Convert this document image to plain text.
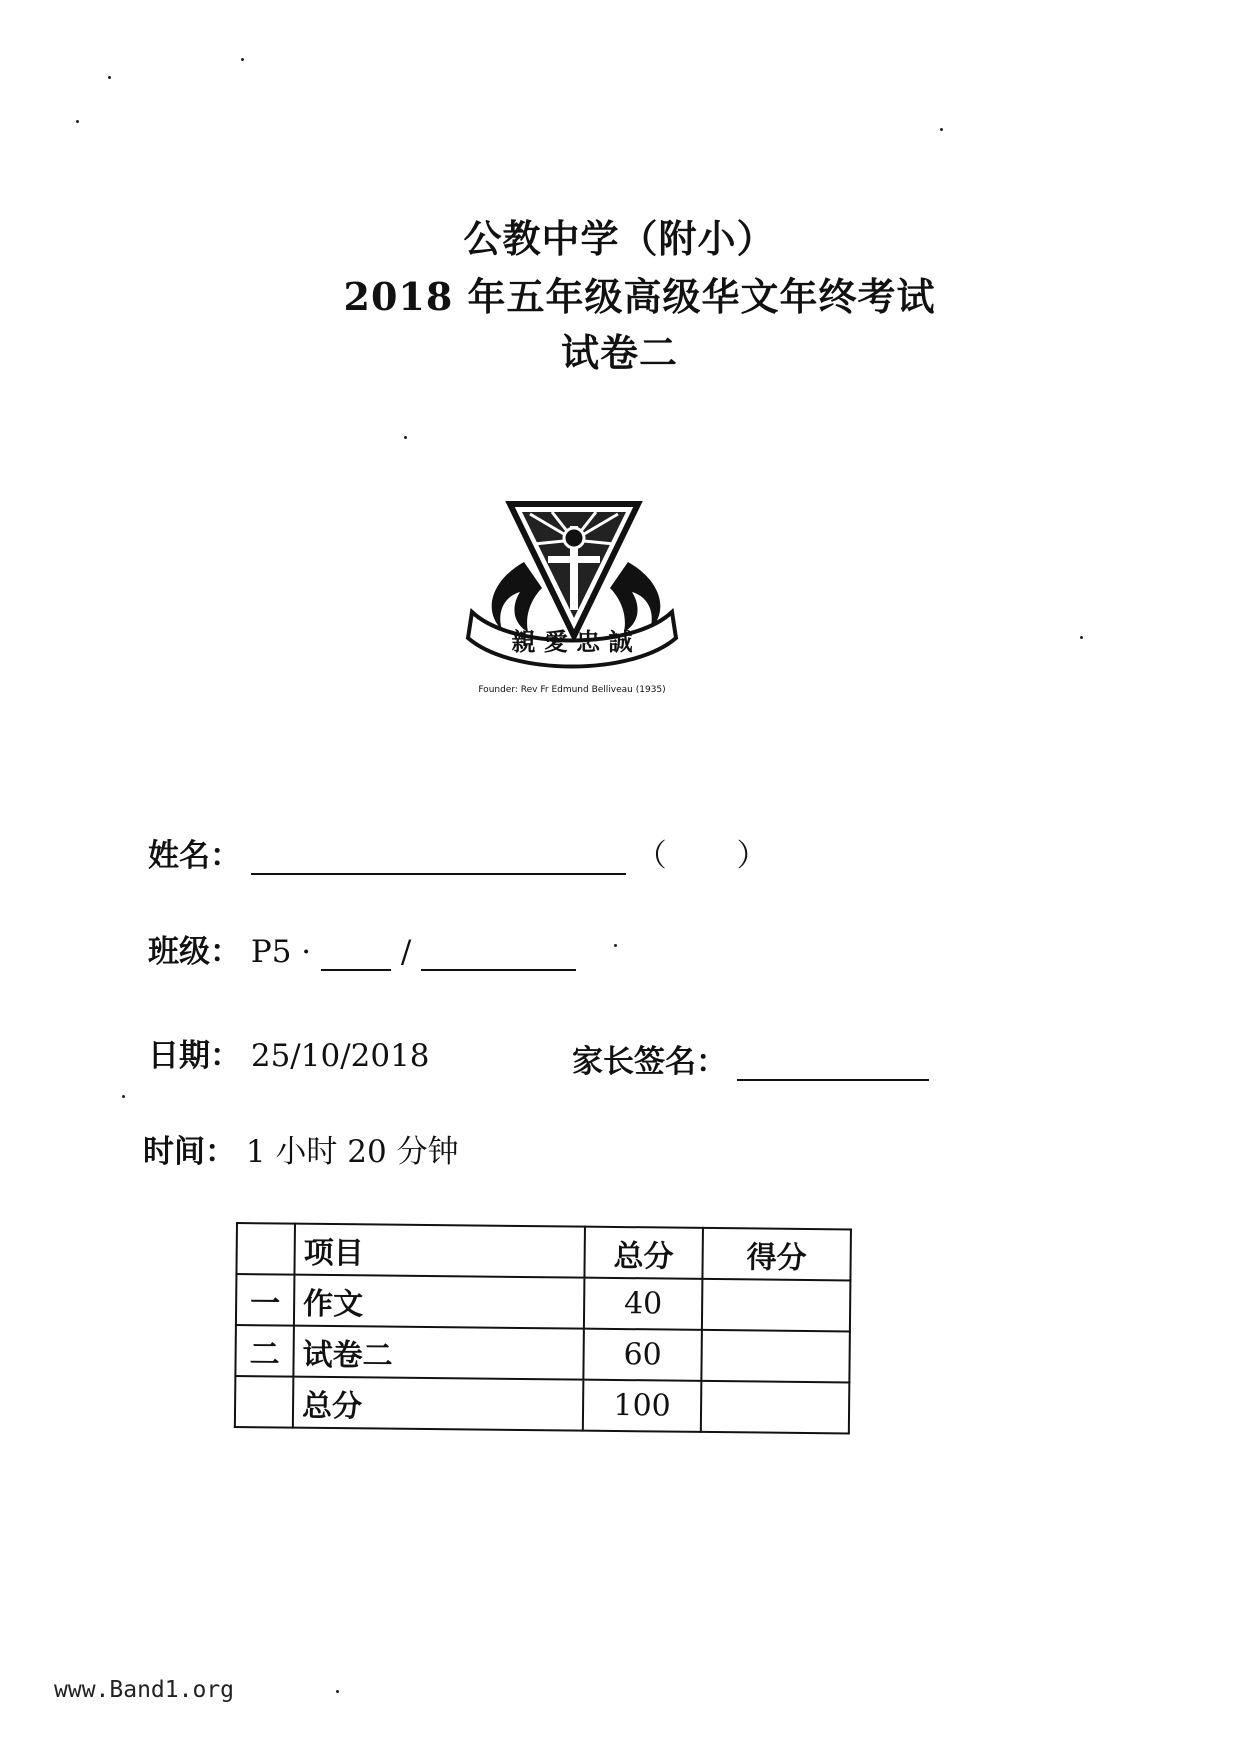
公教中学（附小）
2018 年五年级高级华文年终考试
试卷二
親 愛 忠 誠
Founder: Rev Fr Edmund Belliveau (1935)
姓名：	（ ）
班级： P5 ·	/
日期： 25/10/2018	家长签名：
时间： 1 小时 20 分钟
	项目	总分	得分
一	作文	40	
二	试卷二	60	
	总分	100	
www.Band1.org
